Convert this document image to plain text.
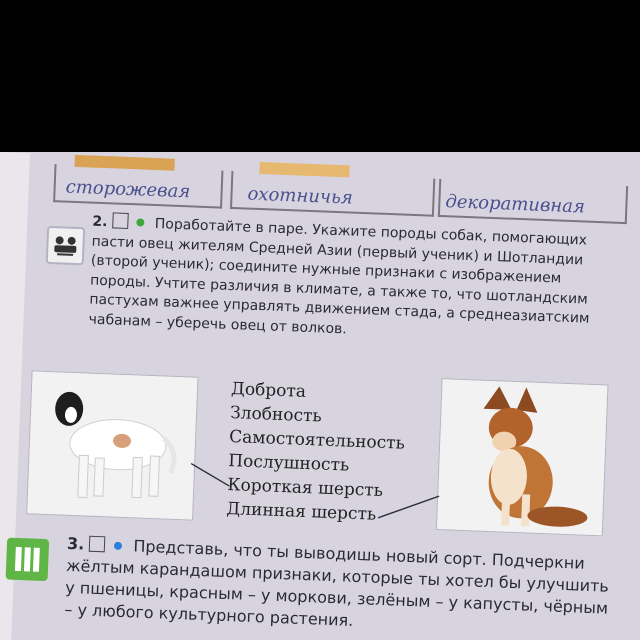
сторожевая	охотничья	декоративная
2.	Поработайте в паре. Укажите породы собак, помогающих пасти овец жителям Средней Азии (первый ученик) и Шотландии (второй ученик); соедините нужные признаки с изображением породы. Учтите различия в климате, а также то, что шотландским пастухам важнее управлять движением стада, а среднеазиатским чабанам – уберечь овец от волков.
Доброта
Злобность
Самостоятельность
Послушность
Короткая шерсть
Длинная шерсть
3.	Представь, что ты выводишь новый сорт. Подчеркни жёлтым карандашом признаки, которые ты хотел бы улучшить у пшеницы, красным – у моркови, зелёным – у капусты, чёрным – у любого культурного растения.
